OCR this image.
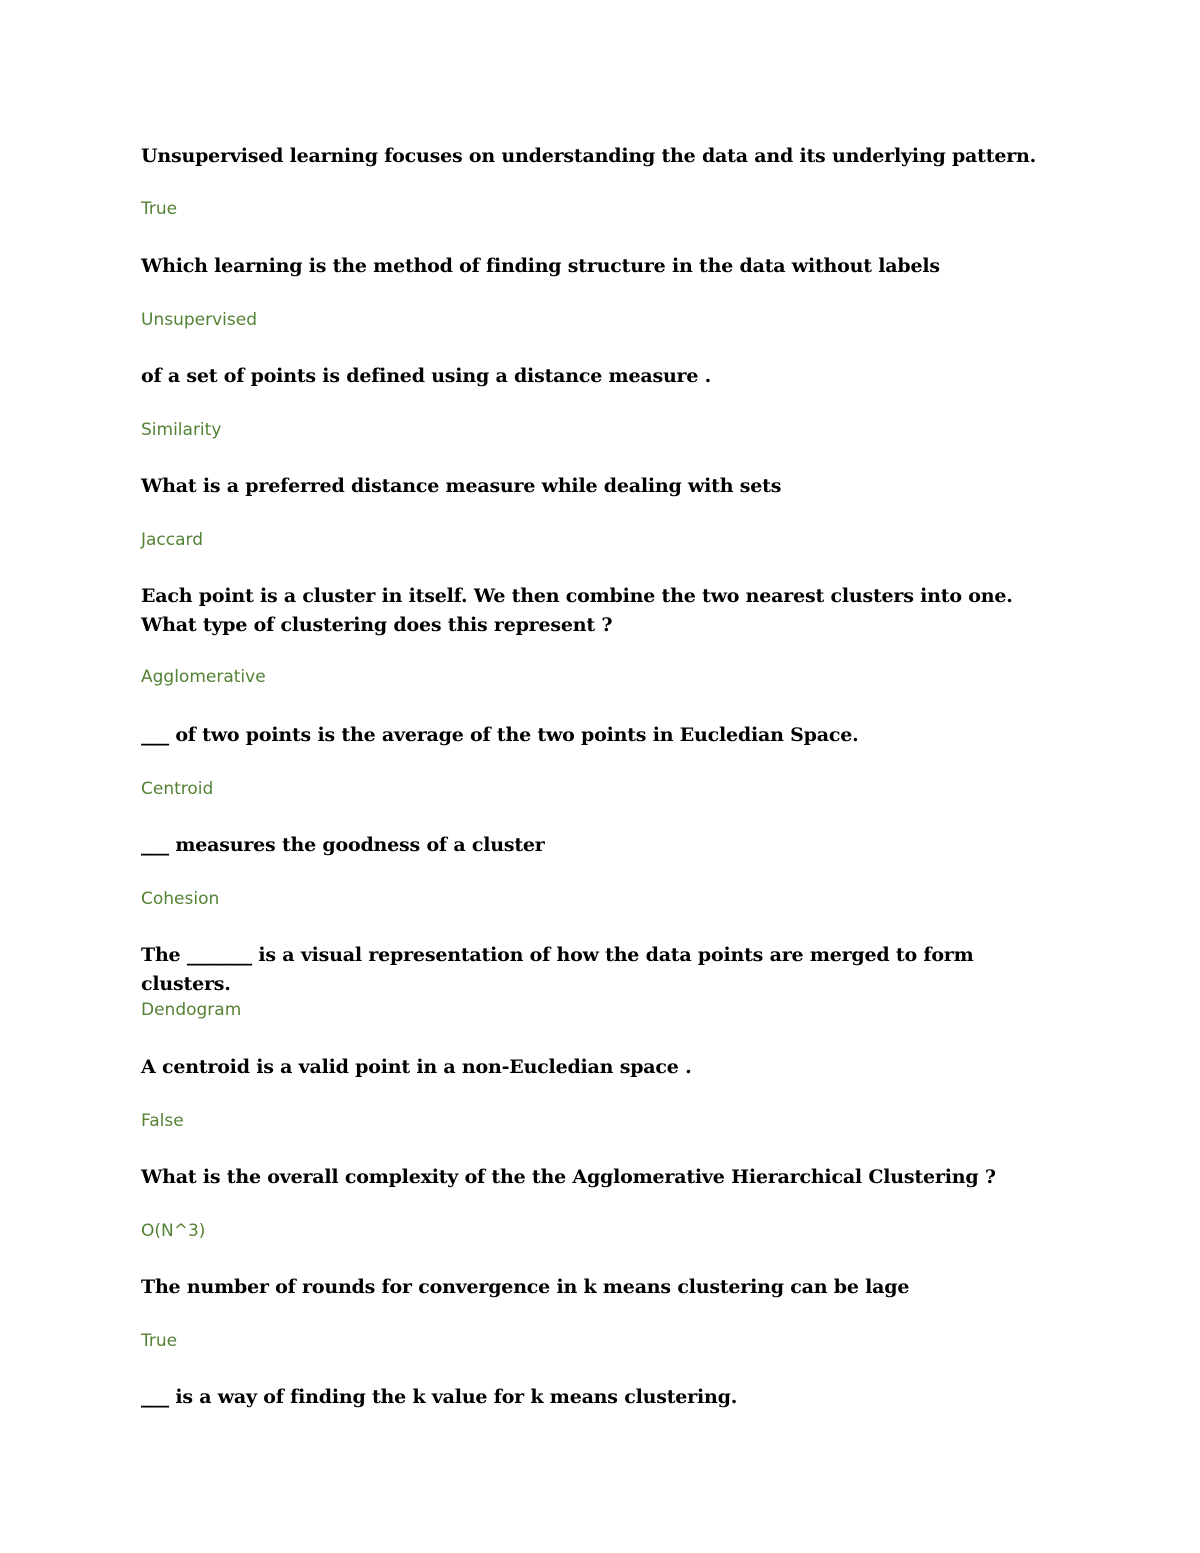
Unsupervised learning focuses on understanding the data and its underlying pattern.

True

Which learning is the method of finding structure in the data without labels

Unsupervised

of a set of points is defined using a distance measure .

Similarity

What is a preferred distance measure while dealing with sets

Jaccard

Each point is a cluster in itself. We then combine the two nearest clusters into one. What type of clustering does this represent ?

Agglomerative

___ of two points is the average of the two points in Eucledian Space.

Centroid

___ measures the goodness of a cluster

Cohesion

The _______ is a visual representation of how the data points are merged to form clusters.

Dendogram

A centroid is a valid point in a non-Eucledian space .

False

What is the overall complexity of the the Agglomerative Hierarchical Clustering ?

O(N^3)

The number of rounds for convergence in k means clustering can be lage

True

___ is a way of finding the k value for k means clustering.
